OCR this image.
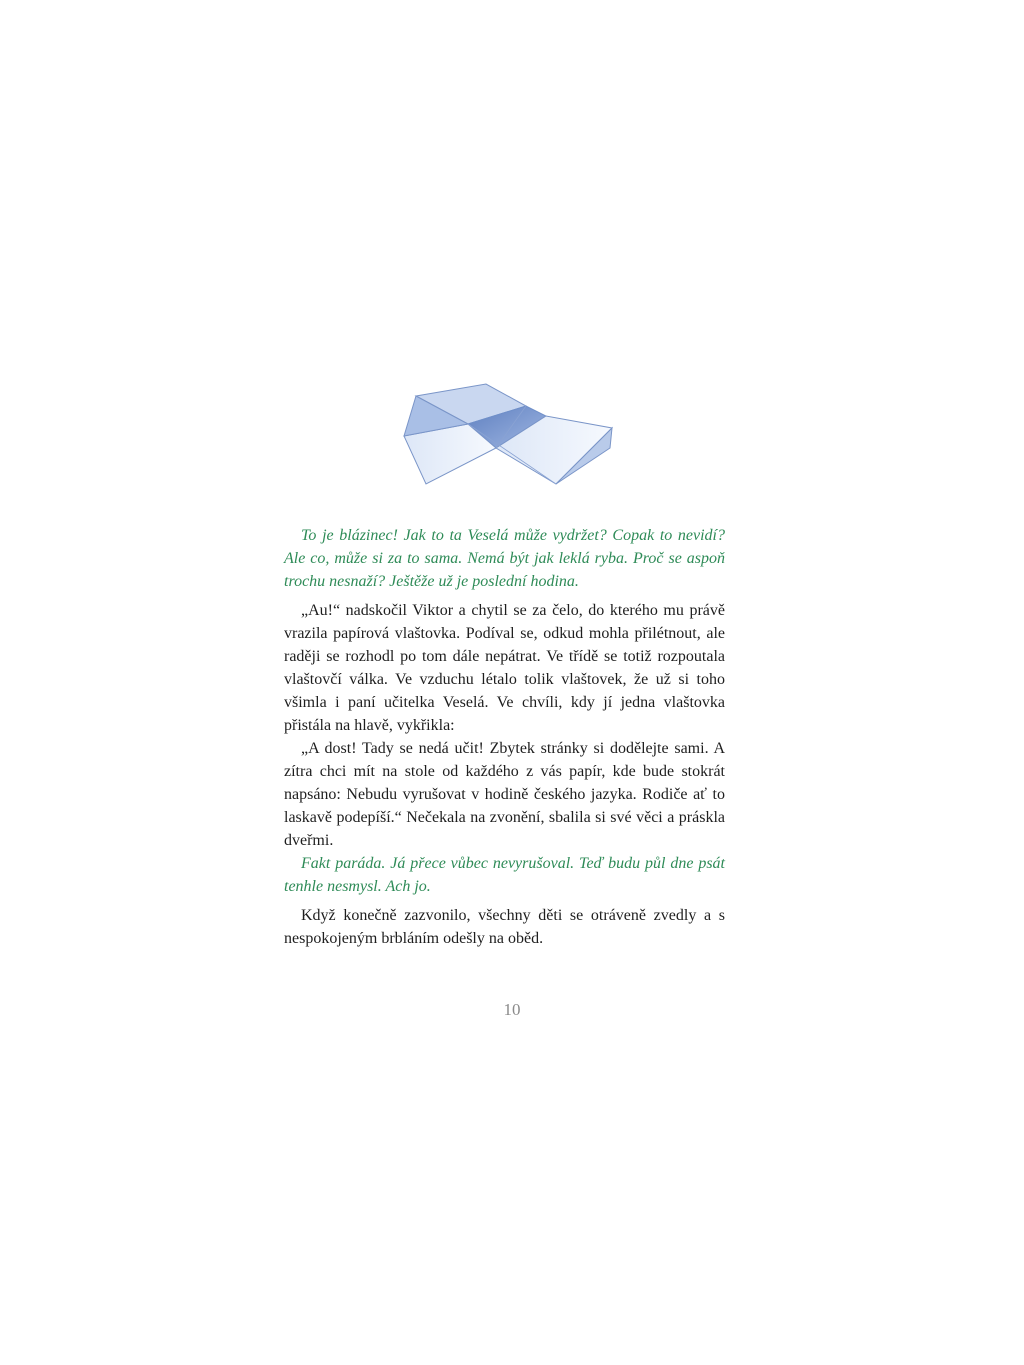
To je blázinec! Jak to ta Veselá může vydržet? Copak to nevidí? Ale co, může si za to sama. Nemá být jak leklá ryba. Proč se aspoň trochu nesnaží? Ještěže už je poslední hodina.

„Au!“ nadskočil Viktor a chytil se za čelo, do kterého mu právě vrazila papírová vlaštovka. Podíval se, odkud mohla přilétnout, ale raději se rozhodl po tom dále nepátrat. Ve třídě se totiž rozpoutala vlaštovčí válka. Ve vzduchu létalo tolik vlaštovek, že už si toho všimla i paní učitelka Veselá. Ve chvíli, kdy jí jedna vlaštovka přistála na hlavě, vykřikla:

„A dost! Tady se nedá učit! Zbytek stránky si dodělejte sami. A zítra chci mít na stole od každého z vás papír, kde bude stokrát napsáno: Nebudu vyrušovat v hodině českého jazyka. Rodiče ať to laskavě podepíší.“ Nečekala na zvonění, sbalila si své věci a práskla dveřmi.

Fakt paráda. Já přece vůbec nevyrušoval. Teď budu půl dne psát tenhle nesmysl. Ach jo.

Když konečně zazvonilo, všechny děti se otráveně zvedly a s nespokojeným brbláním odešly na oběd.

10
